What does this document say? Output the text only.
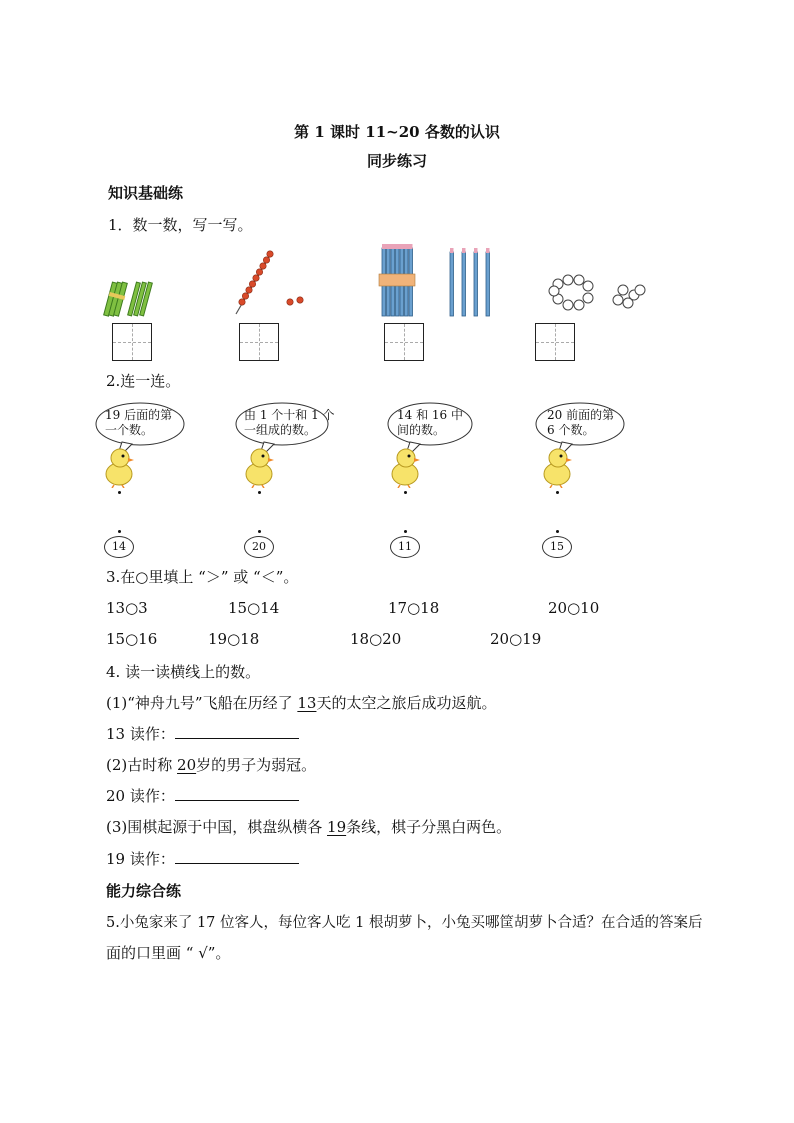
第 1 课时 11~20 各数的认识
同步练习
知识基础练
1．数一数，写一写。
2.连一连。
19 后面的第
一个数。
由 1 个十和 1 个
一组成的数。
14 和 16 中
间的数。
20 前面的第
6 个数。
14	20	11	15
3.在○里填上 “＞” 或 “＜”。
13○3	15○14	17○18	20○10
15○16	19○18	18○20	20○19
4. 读一读横线上的数。
(1)“神舟九号”飞船在历经了 13天的太空之旅后成功返航。
13 读作：
(2)古时称 20岁的男子为弱冠。
20 读作：
(3)围棋起源于中国，棋盘纵横各 19条线，棋子分黑白两色。
19 读作：
能力综合练
5.小兔家来了 17 位客人，每位客人吃 1 根胡萝卜，小兔买哪筐胡萝卜合适？在合适的答案后
面的口里画 “ √”。
